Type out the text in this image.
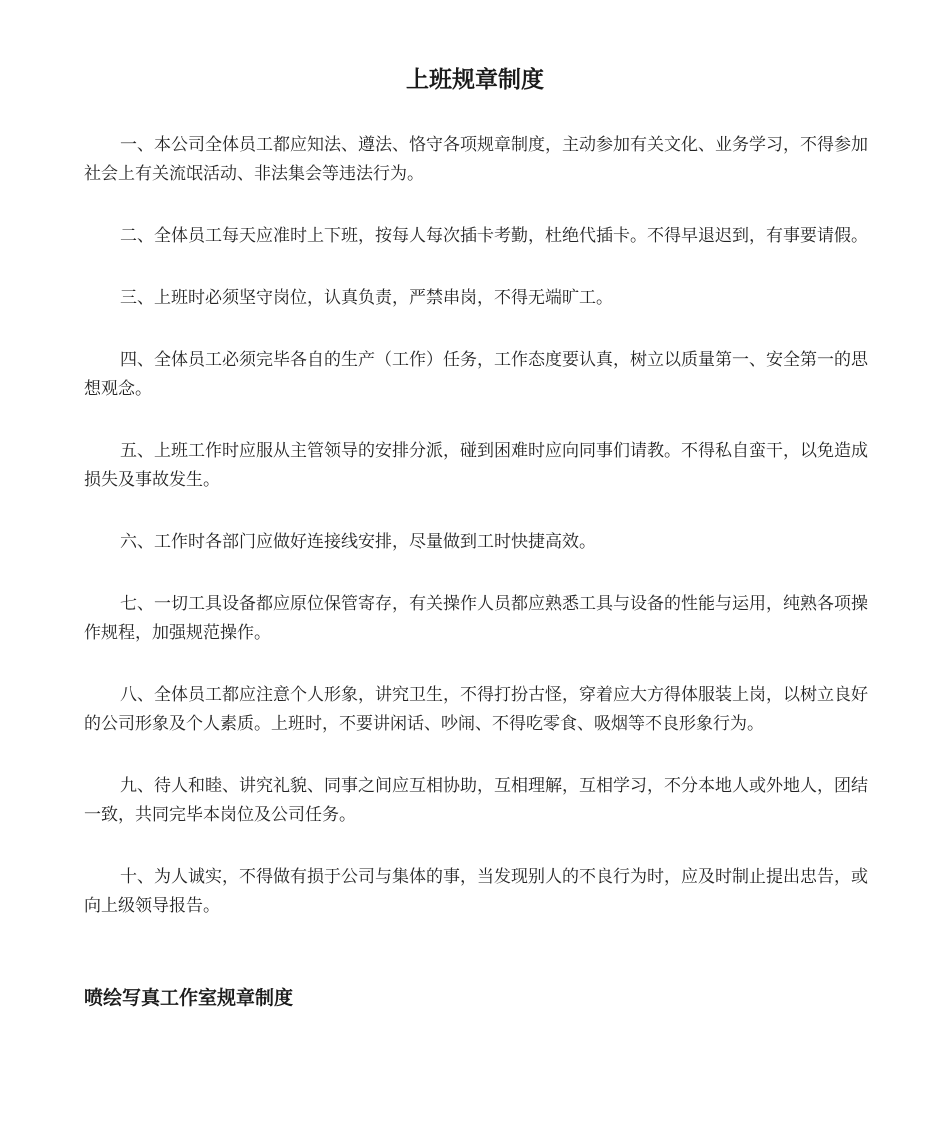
上班规章制度

一、本公司全体员工都应知法、遵法、恪守各项规章制度，主动参加有关文化、业务学习，不得参加社会上有关流氓活动、非法集会等违法行为。

二、全体员工每天应准时上下班，按每人每次插卡考勤，杜绝代插卡。不得早退迟到，有事要请假。

三、上班时必须坚守岗位，认真负责，严禁串岗，不得无端旷工。

四、全体员工必须完毕各自的生产（工作）任务，工作态度要认真，树立以质量第一、安全第一的思想观念。

五、上班工作时应服从主管领导的安排分派，碰到困难时应向同事们请教。不得私自蛮干，以免造成损失及事故发生。

六、工作时各部门应做好连接线安排，尽量做到工时快捷高效。

七、一切工具设备都应原位保管寄存，有关操作人员都应熟悉工具与设备的性能与运用，纯熟各项操作规程，加强规范操作。

八、全体员工都应注意个人形象，讲究卫生，不得打扮古怪，穿着应大方得体服装上岗，以树立良好的公司形象及个人素质。上班时，不要讲闲话、吵闹、不得吃零食、吸烟等不良形象行为。

九、待人和睦、讲究礼貌、同事之间应互相协助，互相理解，互相学习，不分本地人或外地人，团结一致，共同完毕本岗位及公司任务。

十、为人诚实，不得做有损于公司与集体的事，当发现别人的不良行为时，应及时制止提出忠告，或向上级领导报告。

喷绘写真工作室规章制度
